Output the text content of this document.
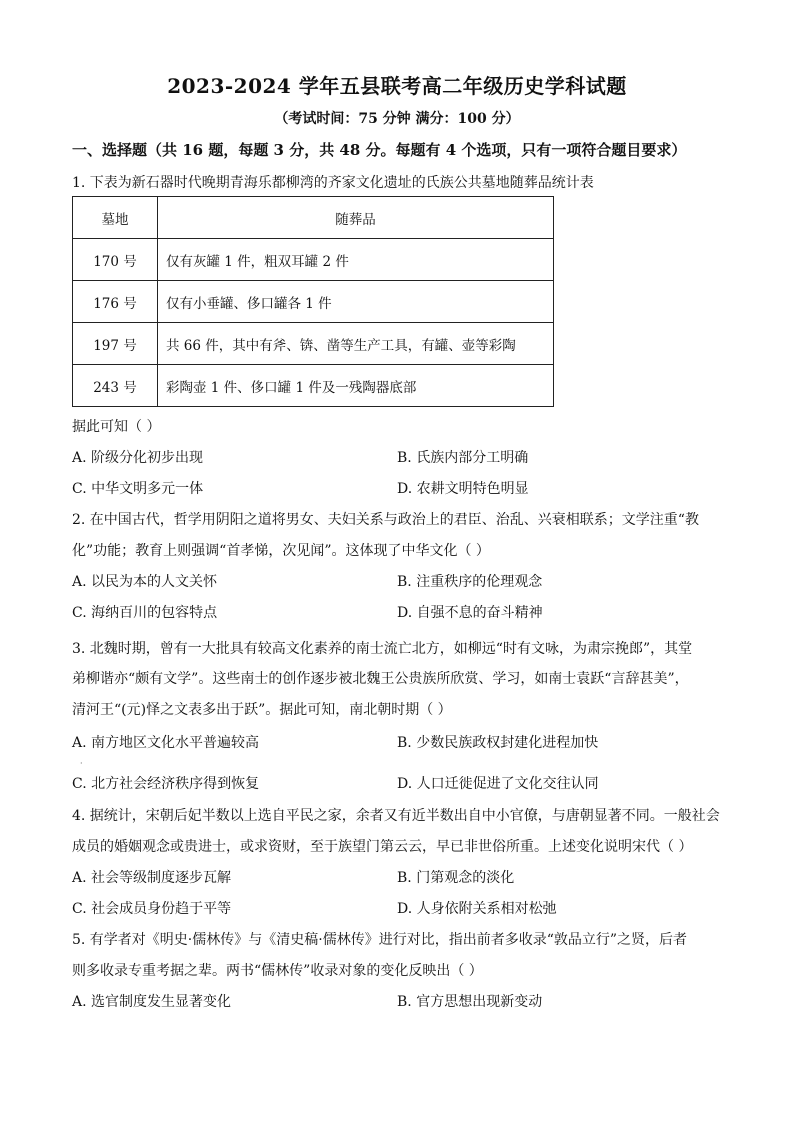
2023-2024 学年五县联考高二年级历史学科试题
（考试时间：75 分钟 满分：100 分）
一、选择题（共 16 题，每题 3 分，共 48 分。每题有 4 个选项，只有一项符合题目要求）
1. 下表为新石器时代晚期青海乐都柳湾的齐家文化遗址的氏族公共墓地随葬品统计表
墓地	随葬品
170 号	仅有灰罐 1 件，粗双耳罐 2 件
176 号	仅有小垂罐、侈口罐各 1 件
197 号	共 66 件，其中有斧、锛、凿等生产工具，有罐、壶等彩陶
243 号	彩陶壶 1 件、侈口罐 1 件及一残陶器底部
据此可知（ ）
A. 阶级分化初步出现	B. 氏族内部分工明确
C. 中华文明多元一体	D. 农耕文明特色明显
2. 在中国古代，哲学用阴阳之道将男女、夫妇关系与政治上的君臣、治乱、兴衰相联系；文学注重“教
化”功能；教育上则强调“首孝悌，次见闻”。这体现了中华文化（ ）
A. 以民为本的人文关怀	B. 注重秩序的伦理观念
C. 海纳百川的包容特点	D. 自强不息的奋斗精神
3. 北魏时期，曾有一大批具有较高文化素养的南士流亡北方，如柳远“时有文咏，为肃宗挽郎”，其堂
弟柳谐亦“颇有文学”。这些南士的创作逐步被北魏王公贵族所欣赏、学习，如南士袁跃“言辞甚美”，
清河王“(元)怿之文表多出于跃”。据此可知，南北朝时期（ ）
A. 南方地区文化水平普遍较高	B. 少数民族政权封建化进程加快
·
C. 北方社会经济秩序得到恢复	D. 人口迁徙促进了文化交往认同
4. 据统计，宋朝后妃半数以上选自平民之家，余者又有近半数出自中小官僚，与唐朝显著不同。一般社会
成员的婚姻观念或贵进士，或求资财，至于族望门第云云，早已非世俗所重。上述变化说明宋代（ ）
A. 社会等级制度逐步瓦解	B. 门第观念的淡化
C. 社会成员身份趋于平等	D. 人身依附关系相对松弛
5. 有学者对《明史·儒林传》与《清史稿·儒林传》进行对比，指出前者多收录“敦品立行”之贤，后者
则多收录专重考据之辈。两书“儒林传”收录对象的变化反映出（ ）
A. 选官制度发生显著变化	B. 官方思想出现新变动
